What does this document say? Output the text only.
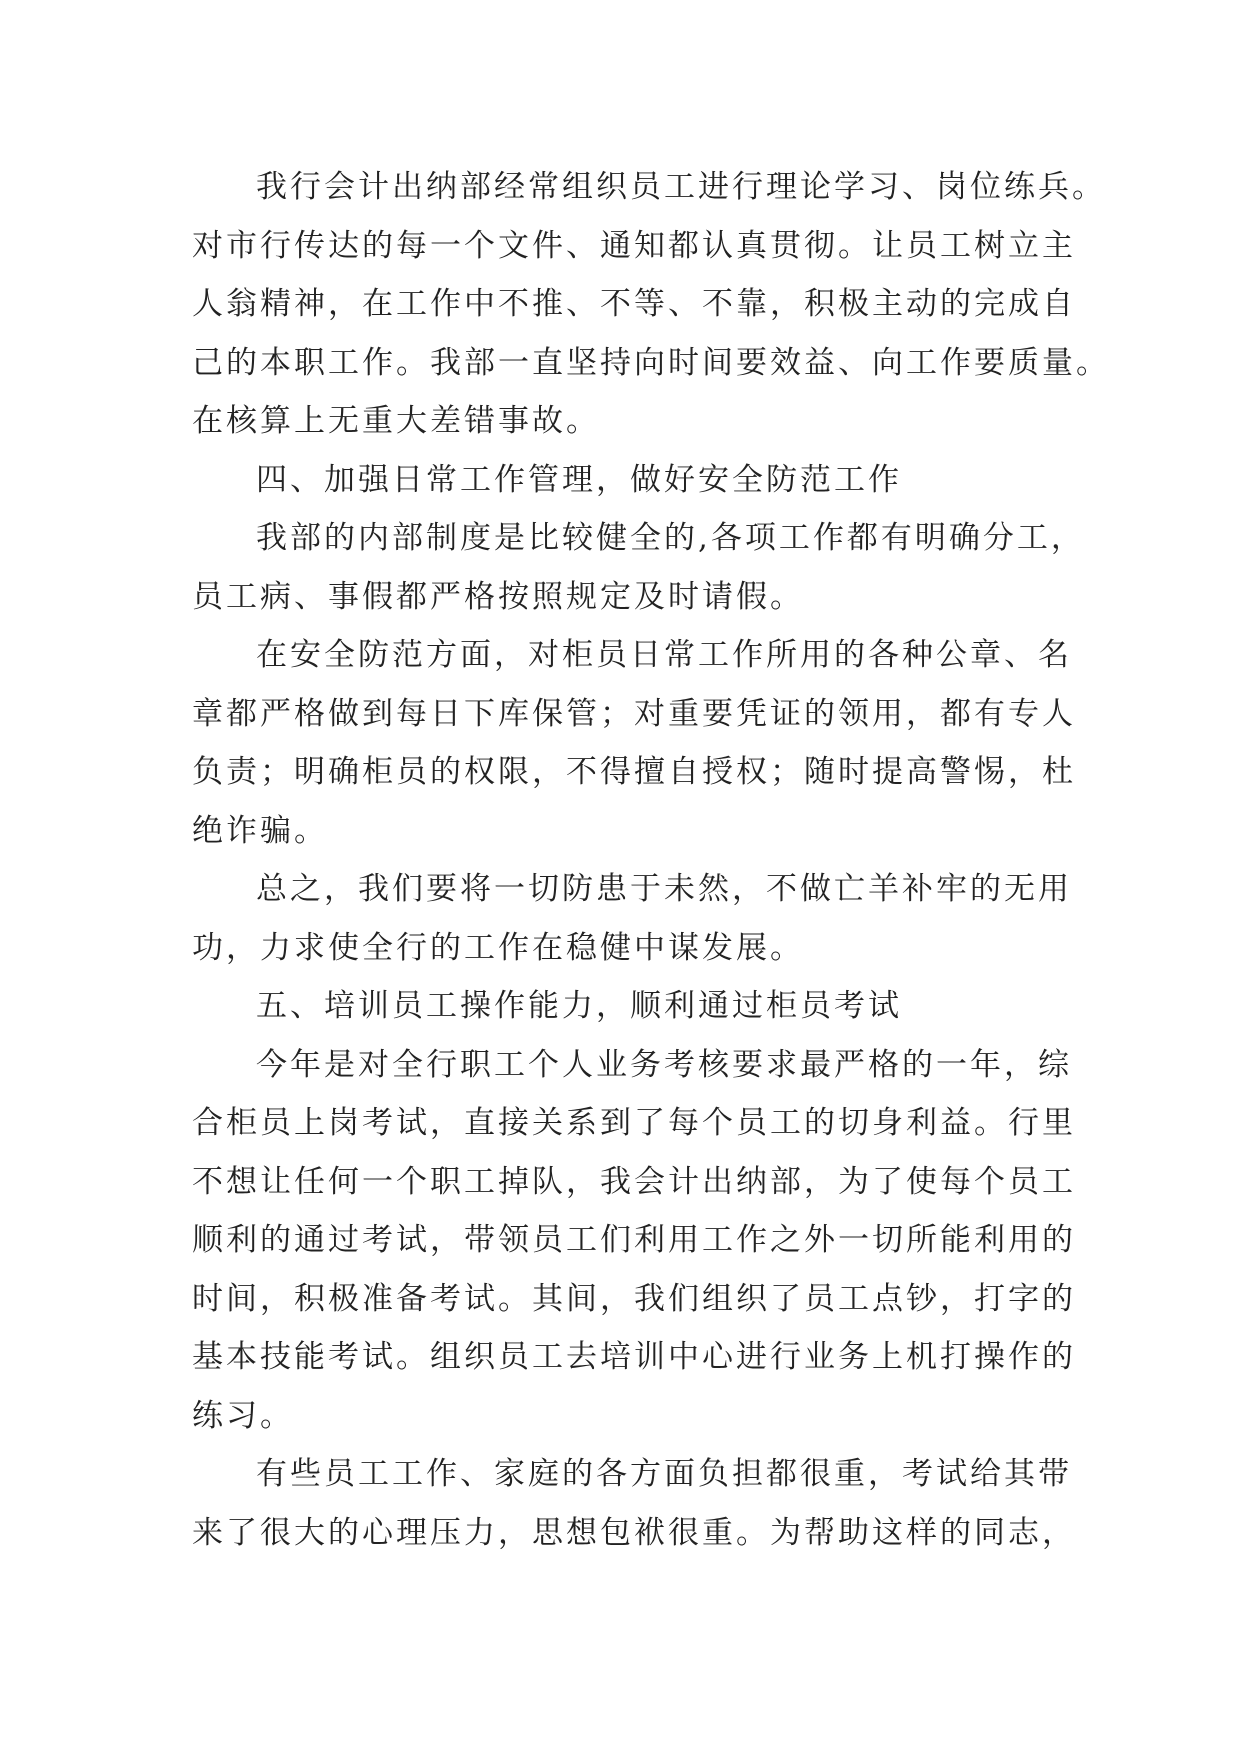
我行会计出纳部经常组织员工进行理论学习、岗位练兵。
对市行传达的每一个文件、通知都认真贯彻。让员工树立主
人翁精神，在工作中不推、不等、不靠，积极主动的完成自
己的本职工作。我部一直坚持向时间要效益、向工作要质量。
在核算上无重大差错事故。
四、加强日常工作管理，做好安全防范工作
我部的内部制度是比较健全的,各项工作都有明确分工，
员工病、事假都严格按照规定及时请假。
在安全防范方面，对柜员日常工作所用的各种公章、名
章都严格做到每日下库保管；对重要凭证的领用，都有专人
负责；明确柜员的权限，不得擅自授权；随时提高警惕，杜
绝诈骗。
总之，我们要将一切防患于未然，不做亡羊补牢的无用
功，力求使全行的工作在稳健中谋发展。
五、培训员工操作能力，顺利通过柜员考试
今年是对全行职工个人业务考核要求最严格的一年，综
合柜员上岗考试，直接关系到了每个员工的切身利益。行里
不想让任何一个职工掉队，我会计出纳部，为了使每个员工
顺利的通过考试，带领员工们利用工作之外一切所能利用的
时间，积极准备考试。其间，我们组织了员工点钞，打字的
基本技能考试。组织员工去培训中心进行业务上机打操作的
练习。
有些员工工作、家庭的各方面负担都很重，考试给其带
来了很大的心理压力，思想包袱很重。为帮助这样的同志，
